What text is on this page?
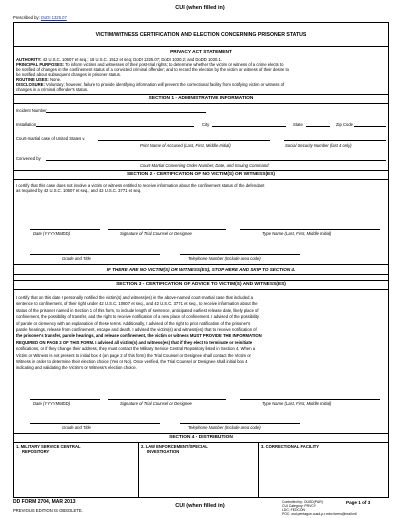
CUI (when filled in)
Prescribed by: DoDI 1325.07
VICTIM/WITNESS CERTIFICATION AND ELECTION CONCERNING PRISONER STATUS
PRIVACY ACT STATEMENT
AUTHORITY: 42 U.S.C. 10607 et seq.; 18 U.S.C. 1512 et seq; DoDI 1325.07; DoDI 1030.2; and DoDD 1030.1.
PRINCIPAL PURPOSES: To inform victims and witnesses of their post-trial rights; to determine whether the victim or witness of a crime elects to
be notified of changes in the confinement status of a convicted criminal offender; and to record the election by the victim or witness of their desire to
be notified about subsequent changes in prisoner status.
ROUTINE USES: None.
DISCLOSURE: Voluntary; however, failure to provide identifying information will prevent the correctional facility from notifying victim or witness of
changes in a criminal offender's status.
SECTION 1 - ADMINISTRATIVE INFORMATION
Incident Number
Installation	City	State	Zip Code
Court-martial case of United States v.
Print Name of Accused (Last, First, Middle Initial)	Social Security Number (last 4 only)
Convened by
Court-Martial Convening Order Number, Date, and Issuing Command
SECTION 2 - CERTIFICATION OF NO VICTIM(S) OR WITNESS(ES)
I certify that this case does not involve a victim or witness entitled to receive information about the confinement status of the defendant
as required by 42 U.S.C. 10607 et seq., and 42 U.S.C. 3771 et seq.
Date (YYYYMMDD)	Signature of Trial Counsel or Designee	Type Name (Last, First, Middle Initial)
Grade and Title	Telephone Number (Include area code)
IF THERE ARE NO VICTIM(S) OR WITNESS(ES), STOP HERE AND SKIP TO SECTION 4.
SECTION 3 - CERTIFICATION OF ADVICE TO VICTIM(S) AND WITNESS(ES)
I certify that on this date I personally notified the victim(s) and witness(es) in the above-named court-martial case that included a
sentence to confinement, of their right under 42 U.S.C. 10607 et seq., and 42 U.S.C. 3771 et seq., to receive information about the
status of the prisoner named in Section 1 of this form, to include length of sentence, anticipated earliest release date, likely place of
confinement, the possibility of transfer, and the right to receive notification of a new place of confinement. I advised of the possibility
of parole or clemency with an explanation of these terms. Additionally, I advised of the right to prior notification of the prisoner's
parole hearings, release from confinement, escape and death. I advised the victim(s) and witness(es) that to receive notification of
the prisoner's transfer, parole hearings, and release confinement, the victim or witness MUST PROVIDE THE INFORMATION
REQUIRED ON PAGE 2 OF THIS FORM. I advised all victim(s) and witness(es) that if they elect to terminate or reinitiate
notifications, or if they change their address, they must contact the Military Service Central Repository listed in Section 4. When a
Victim or Witness is not present to initial box 4 (on page 2 of this form) the Trial Counsel or Designee shall contact the Victim or
Witness in order to determine their election choice (Yes or No). Once verified, the Trial Counsel or Designee shall initial box 4
indicating and validating the Victim's or Witness's election choice.
Date (YYYYMMDD)	Signature of Trial Counsel or Designee	Type Name (Last, First, Middle Initial)
Grade and Title	Telephone Number (Include area code)
SECTION 4 - DISTRIBUTION
1. MILITARY SERVICE CENTRAL
REPOSITORY
2. LAW ENFORCEMENT/SPECIAL
INVESTIGATION
3. CORRECTIONAL FACILITY
DD FORM 2704, MAR 2013
PREVIOUS EDITION IS OBSOLETE.
CUI (when filled in)
Controlled by: OUSD(P&R)
CUI Category: PRVCY
LDC: FEDCON
POC: osd.pentagon.ousd-p-r.mbx.forms@mail.mil
Page 1 of 3
